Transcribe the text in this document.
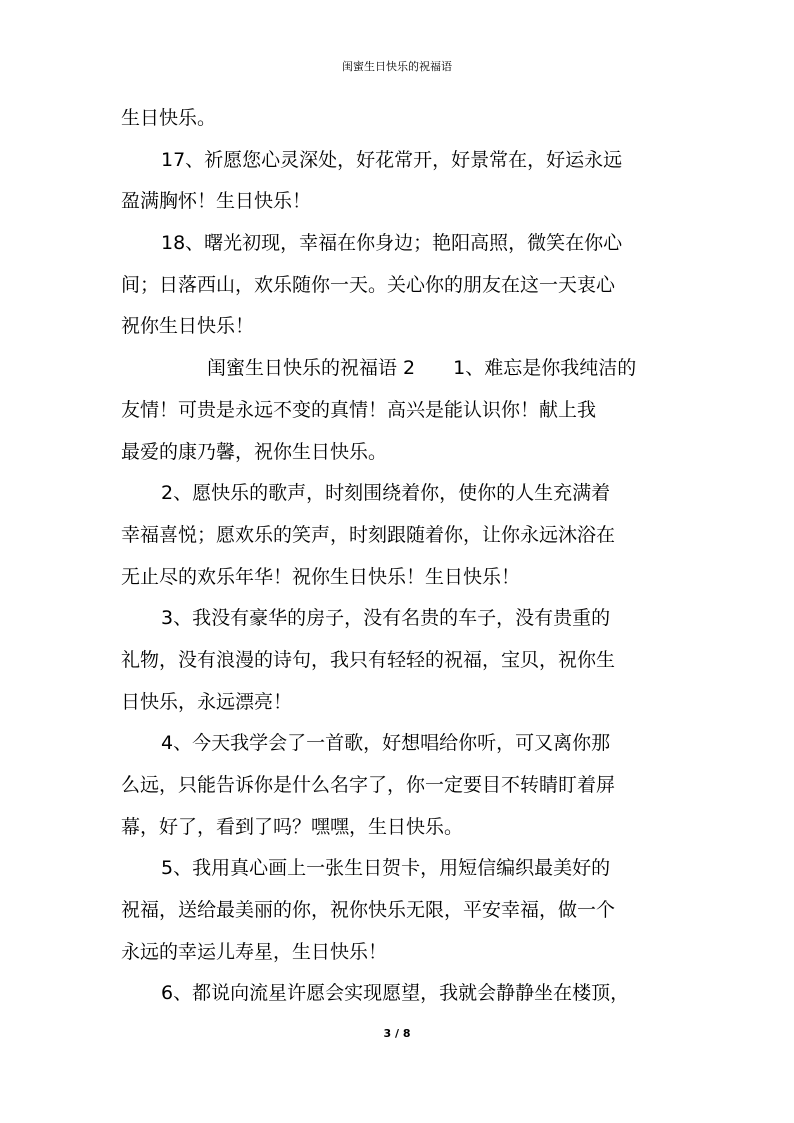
闺蜜生日快乐的祝福语
生日快乐。
17、祈愿您心灵深处，好花常开，好景常在，好运永远
盈满胸怀！生日快乐！
18、曙光初现，幸福在你身边；艳阳高照，微笑在你心
间；日落西山，欢乐随你一天。关心你的朋友在这一天衷心
祝你生日快乐！
闺蜜生日快乐的祝福语 2　　1、难忘是你我纯洁的
友情！可贵是永远不变的真情！高兴是能认识你！献上我
最爱的康乃馨，祝你生日快乐。
2、愿快乐的歌声，时刻围绕着你，使你的人生充满着
幸福喜悦；愿欢乐的笑声，时刻跟随着你，让你永远沐浴在
无止尽的欢乐年华！祝你生日快乐！生日快乐！
3、我没有豪华的房子，没有名贵的车子，没有贵重的
礼物，没有浪漫的诗句，我只有轻轻的祝福，宝贝，祝你生
日快乐，永远漂亮！
4、今天我学会了一首歌，好想唱给你听，可又离你那
么远，只能告诉你是什么名字了，你一定要目不转睛盯着屏
幕，好了，看到了吗？嘿嘿，生日快乐。
5、我用真心画上一张生日贺卡，用短信编织最美好的
祝福，送给最美丽的你，祝你快乐无限，平安幸福，做一个
永远的幸运儿寿星，生日快乐！
6、都说向流星许愿会实现愿望，我就会静静坐在楼顶，
3 / 8
